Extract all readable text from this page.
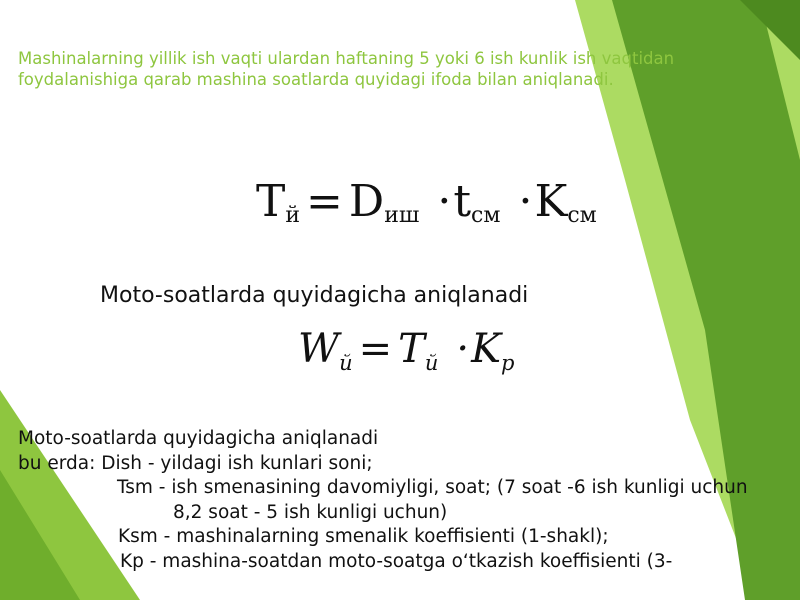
Mashinalarning yillik ish vaqti ulardan haftaning 5 yoki 6 ish kunlik ish vaqtidan foydalanishiga qarab mashina soatlarda quyidagi ifoda bilan aniqlanadi.

$T_й = D_{иш} \cdot t_{см} \cdot K_{см}$

Moto-soatlarda quyidagicha aniqlanadi

$W_й = T_й \cdot K_p$

Moto-soatlarda quyidagicha aniqlanadi
bu erda: Dish - yildagi ish kunlari soni;
Tsm - ish smenasining davomiyligi, soat; (7 soat -6 ish kunligi uchun
8,2 soat - 5 ish kunligi uchun)
Ksm - mashinalarning smenalik koeffisienti (1-shakl);
Kp - mashina-soatdan moto-soatga o‘tkazish koeffisienti (3-
